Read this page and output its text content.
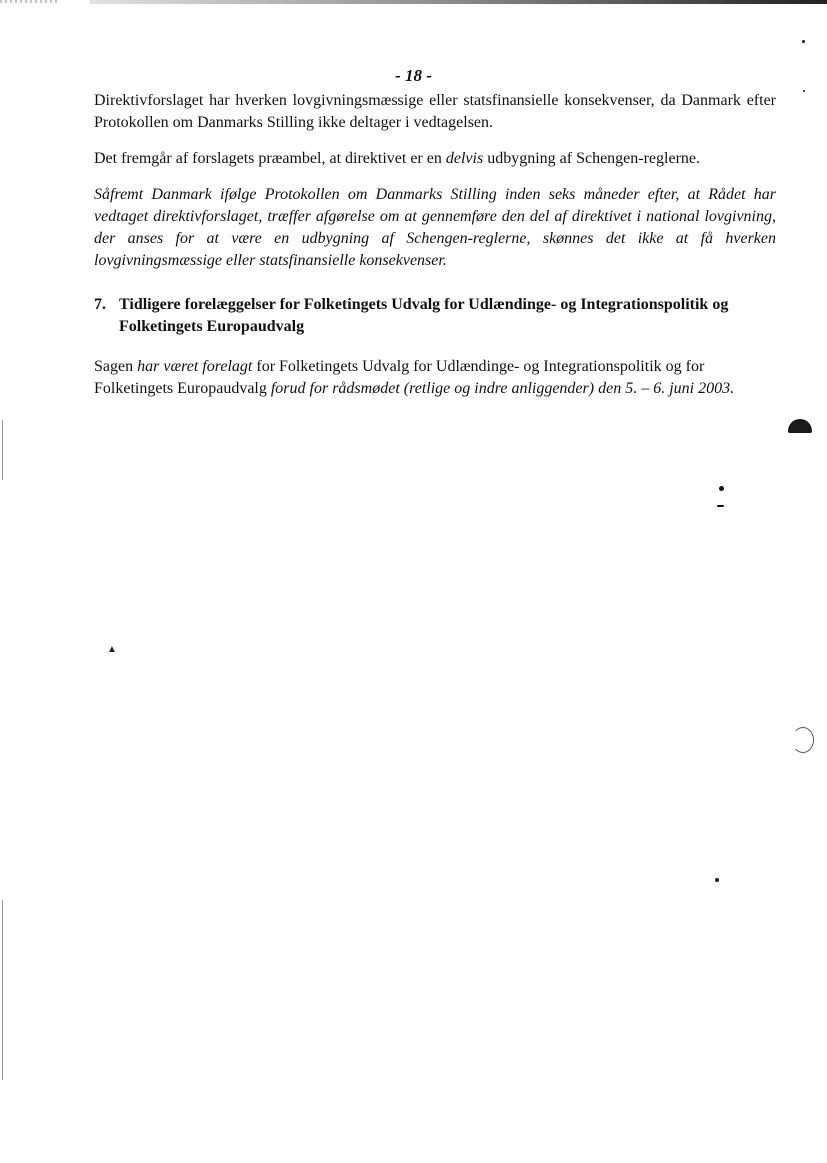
▲
- 18 -

Direktivforslaget har hverken lovgivningsmæssige eller statsfinansielle konsekvenser, da Danmark efter Protokollen om Danmarks Stilling ikke deltager i vedtagelsen.

Det fremgår af forslagets præambel, at direktivet er en delvis udbygning af Schengen-reglerne.

Såfremt Danmark ifølge Protokollen om Danmarks Stilling inden seks måneder efter, at Rådet har vedtaget direktivforslaget, træffer afgørelse om at gennemføre den del af direktivet i national lovgivning, der anses for at være en udbygning af Schengen-reglerne, skønnes det ikke at få hverken lovgivningsmæssige eller statsfinansielle konsekvenser.

7. Tidligere forelæggelser for Folketingets Udvalg for Udlændinge- og Integrationspolitik og Folketingets Europaudvalg

Sagen har været forelagt for Folketingets Udvalg for Udlændinge- og Integrationspolitik og for Folketingets Europaudvalg forud for rådsmødet (retlige og indre anliggender) den 5. – 6. juni 2003.
